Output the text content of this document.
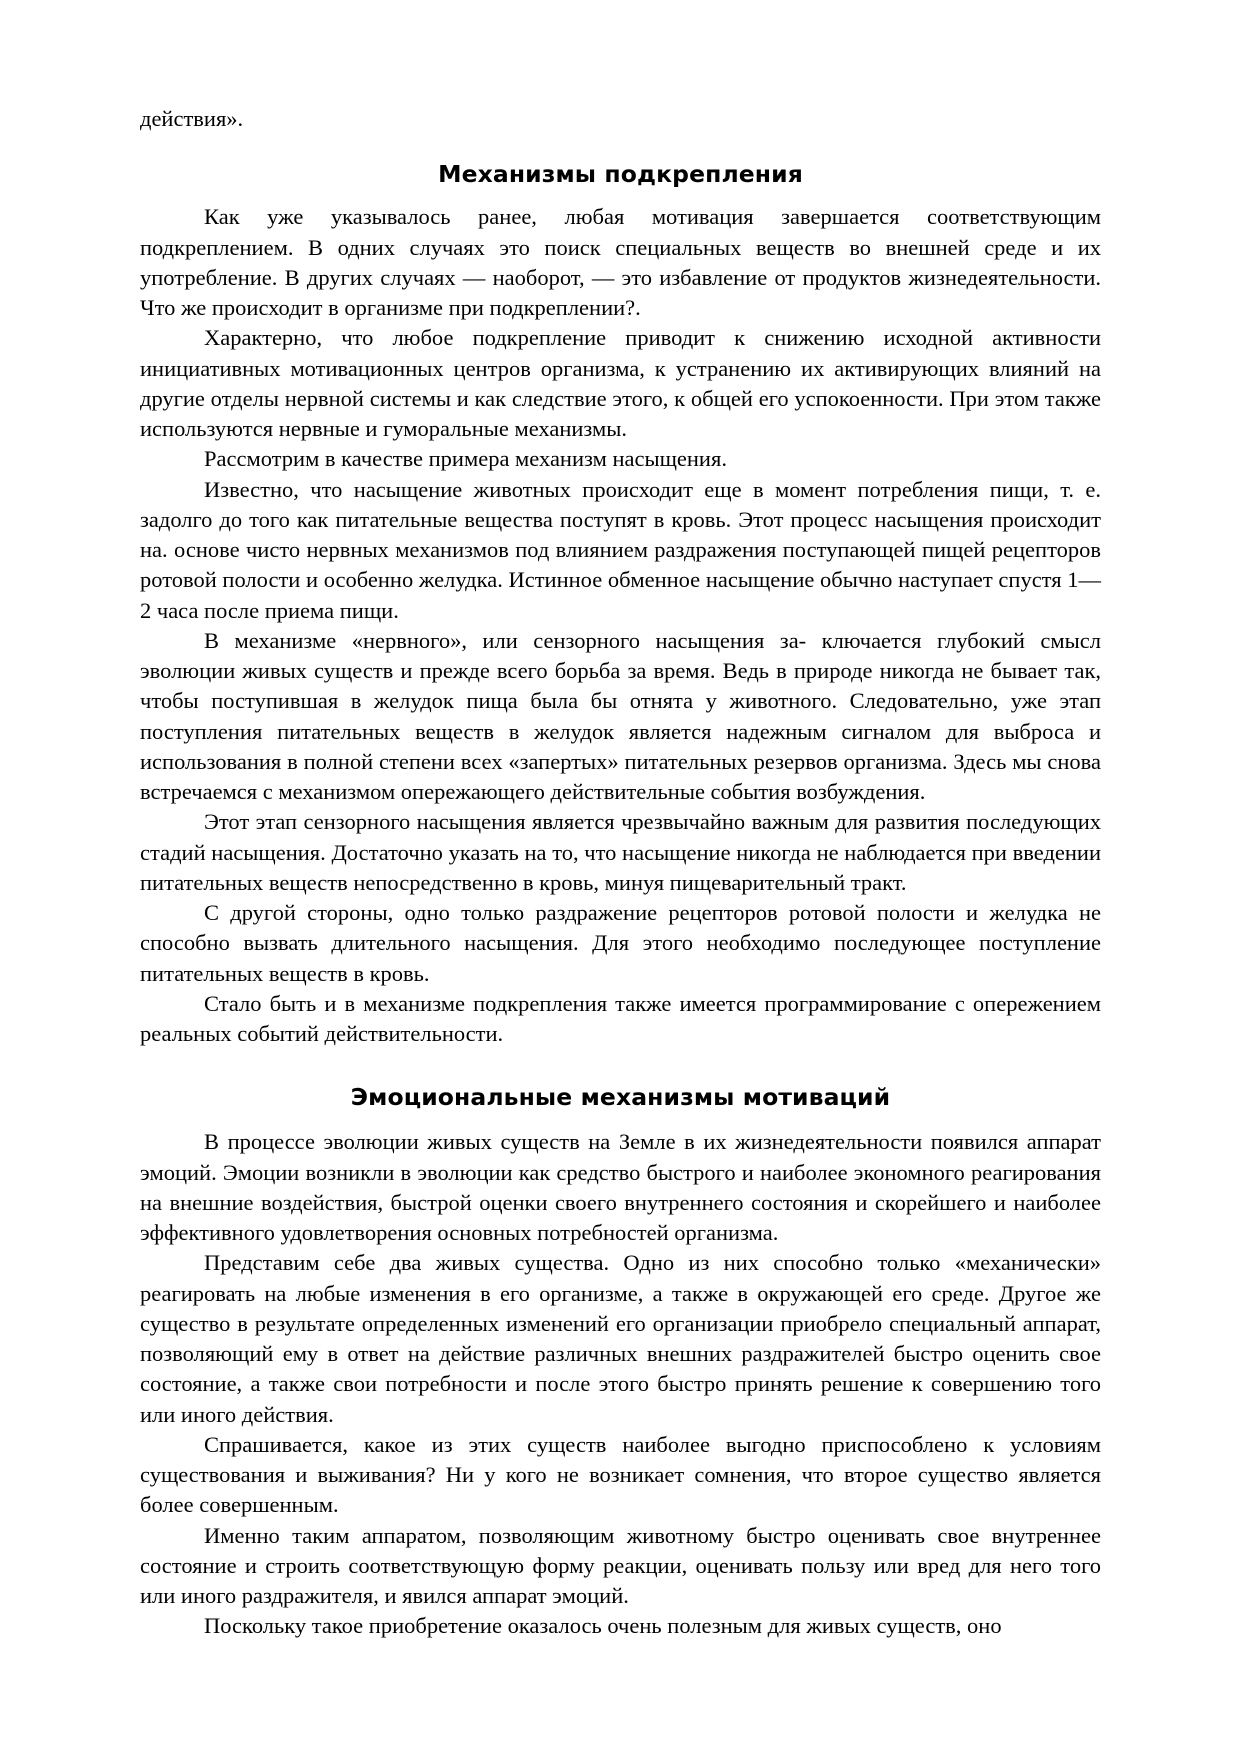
действия».

Механизмы подкрепления

Как уже указывалось ранее, любая мотивация завершается соответствующим подкреплением. В одних случаях это поиск специальных веществ во внешней среде и их употребление. В других случаях — наоборот, — это избавление от продуктов жизнедеятельности. Что же происходит в организме при подкреплении?.

Характерно, что любое подкрепление приводит к снижению исходной активности инициативных мотивационных центров организма, к устранению их активирующих влияний на другие отделы нервной системы и как следствие этого, к общей его успокоенности. При этом также используются нервные и гуморальные механизмы.

Рассмотрим в качестве примера механизм насыщения.

Известно, что насыщение животных происходит еще в момент потребления пищи, т. е. задолго до того как питательные вещества поступят в кровь. Этот процесс насыщения происходит на. основе чисто нервных механизмов под влиянием раздражения поступающей пищей рецепторов ротовой полости и особенно желудка. Истинное обменное насыщение обычно наступает спустя 1—2 часа после приема пищи.

В механизме «нервного», или сензорного насыщения за- ключается глубокий смысл эволюции живых существ и прежде всего борьба за время. Ведь в природе никогда не бывает так, чтобы поступившая в желудок пища была бы отнята у животного. Следовательно, уже этап поступления питательных веществ в желудок является надежным сигналом для выброса и использования в полной степени всех «запертых» питательных резервов организма. Здесь мы снова встречаемся с механизмом опережающего действительные события возбуждения.

Этот этап сензорного насыщения является чрезвычайно важным для развития последующих стадий насыщения. Достаточно указать на то, что насыщение никогда не наблюдается при введении питательных веществ непосредственно в кровь, минуя пищеварительный тракт.

С другой стороны, одно только раздражение рецепторов ротовой полости и желудка не способно вызвать длительного насыщения. Для этого необходимо последующее поступление питательных веществ в кровь.

Стало быть и в механизме подкрепления также имеется программирование с опережением реальных событий действительности.

Эмоциональные механизмы мотиваций

В процессе эволюции живых существ на Земле в их жизнедеятельности появился аппарат эмоций. Эмоции возникли в эволюции как средство быстрого и наиболее экономного реагирования на внешние воздействия, быстрой оценки своего внутреннего состояния и скорейшего и наиболее эффективного удовлетворения основных потребностей организма.

Представим себе два живых существа. Одно из них способно только «механически» реагировать на любые изменения в его организме, а также в окружающей его среде. Другое же существо в результате определенных изменений его организации приобрело специальный аппарат, позволяющий ему в ответ на действие различных внешних раздражителей быстро оценить свое состояние, а также свои потребности и после этого быстро принять решение к совершению того или иного действия.

Спрашивается, какое из этих существ наиболее выгодно приспособлено к условиям существования и выживания? Ни у кого не возникает сомнения, что второе существо является более совершенным.

Именно таким аппаратом, позволяющим животному быстро оценивать свое внутреннее состояние и строить соответствующую форму реакции, оценивать пользу или вред для него того или иного раздражителя, и явился аппарат эмоций.

Поскольку такое приобретение оказалось очень полезным для живых существ, оно
